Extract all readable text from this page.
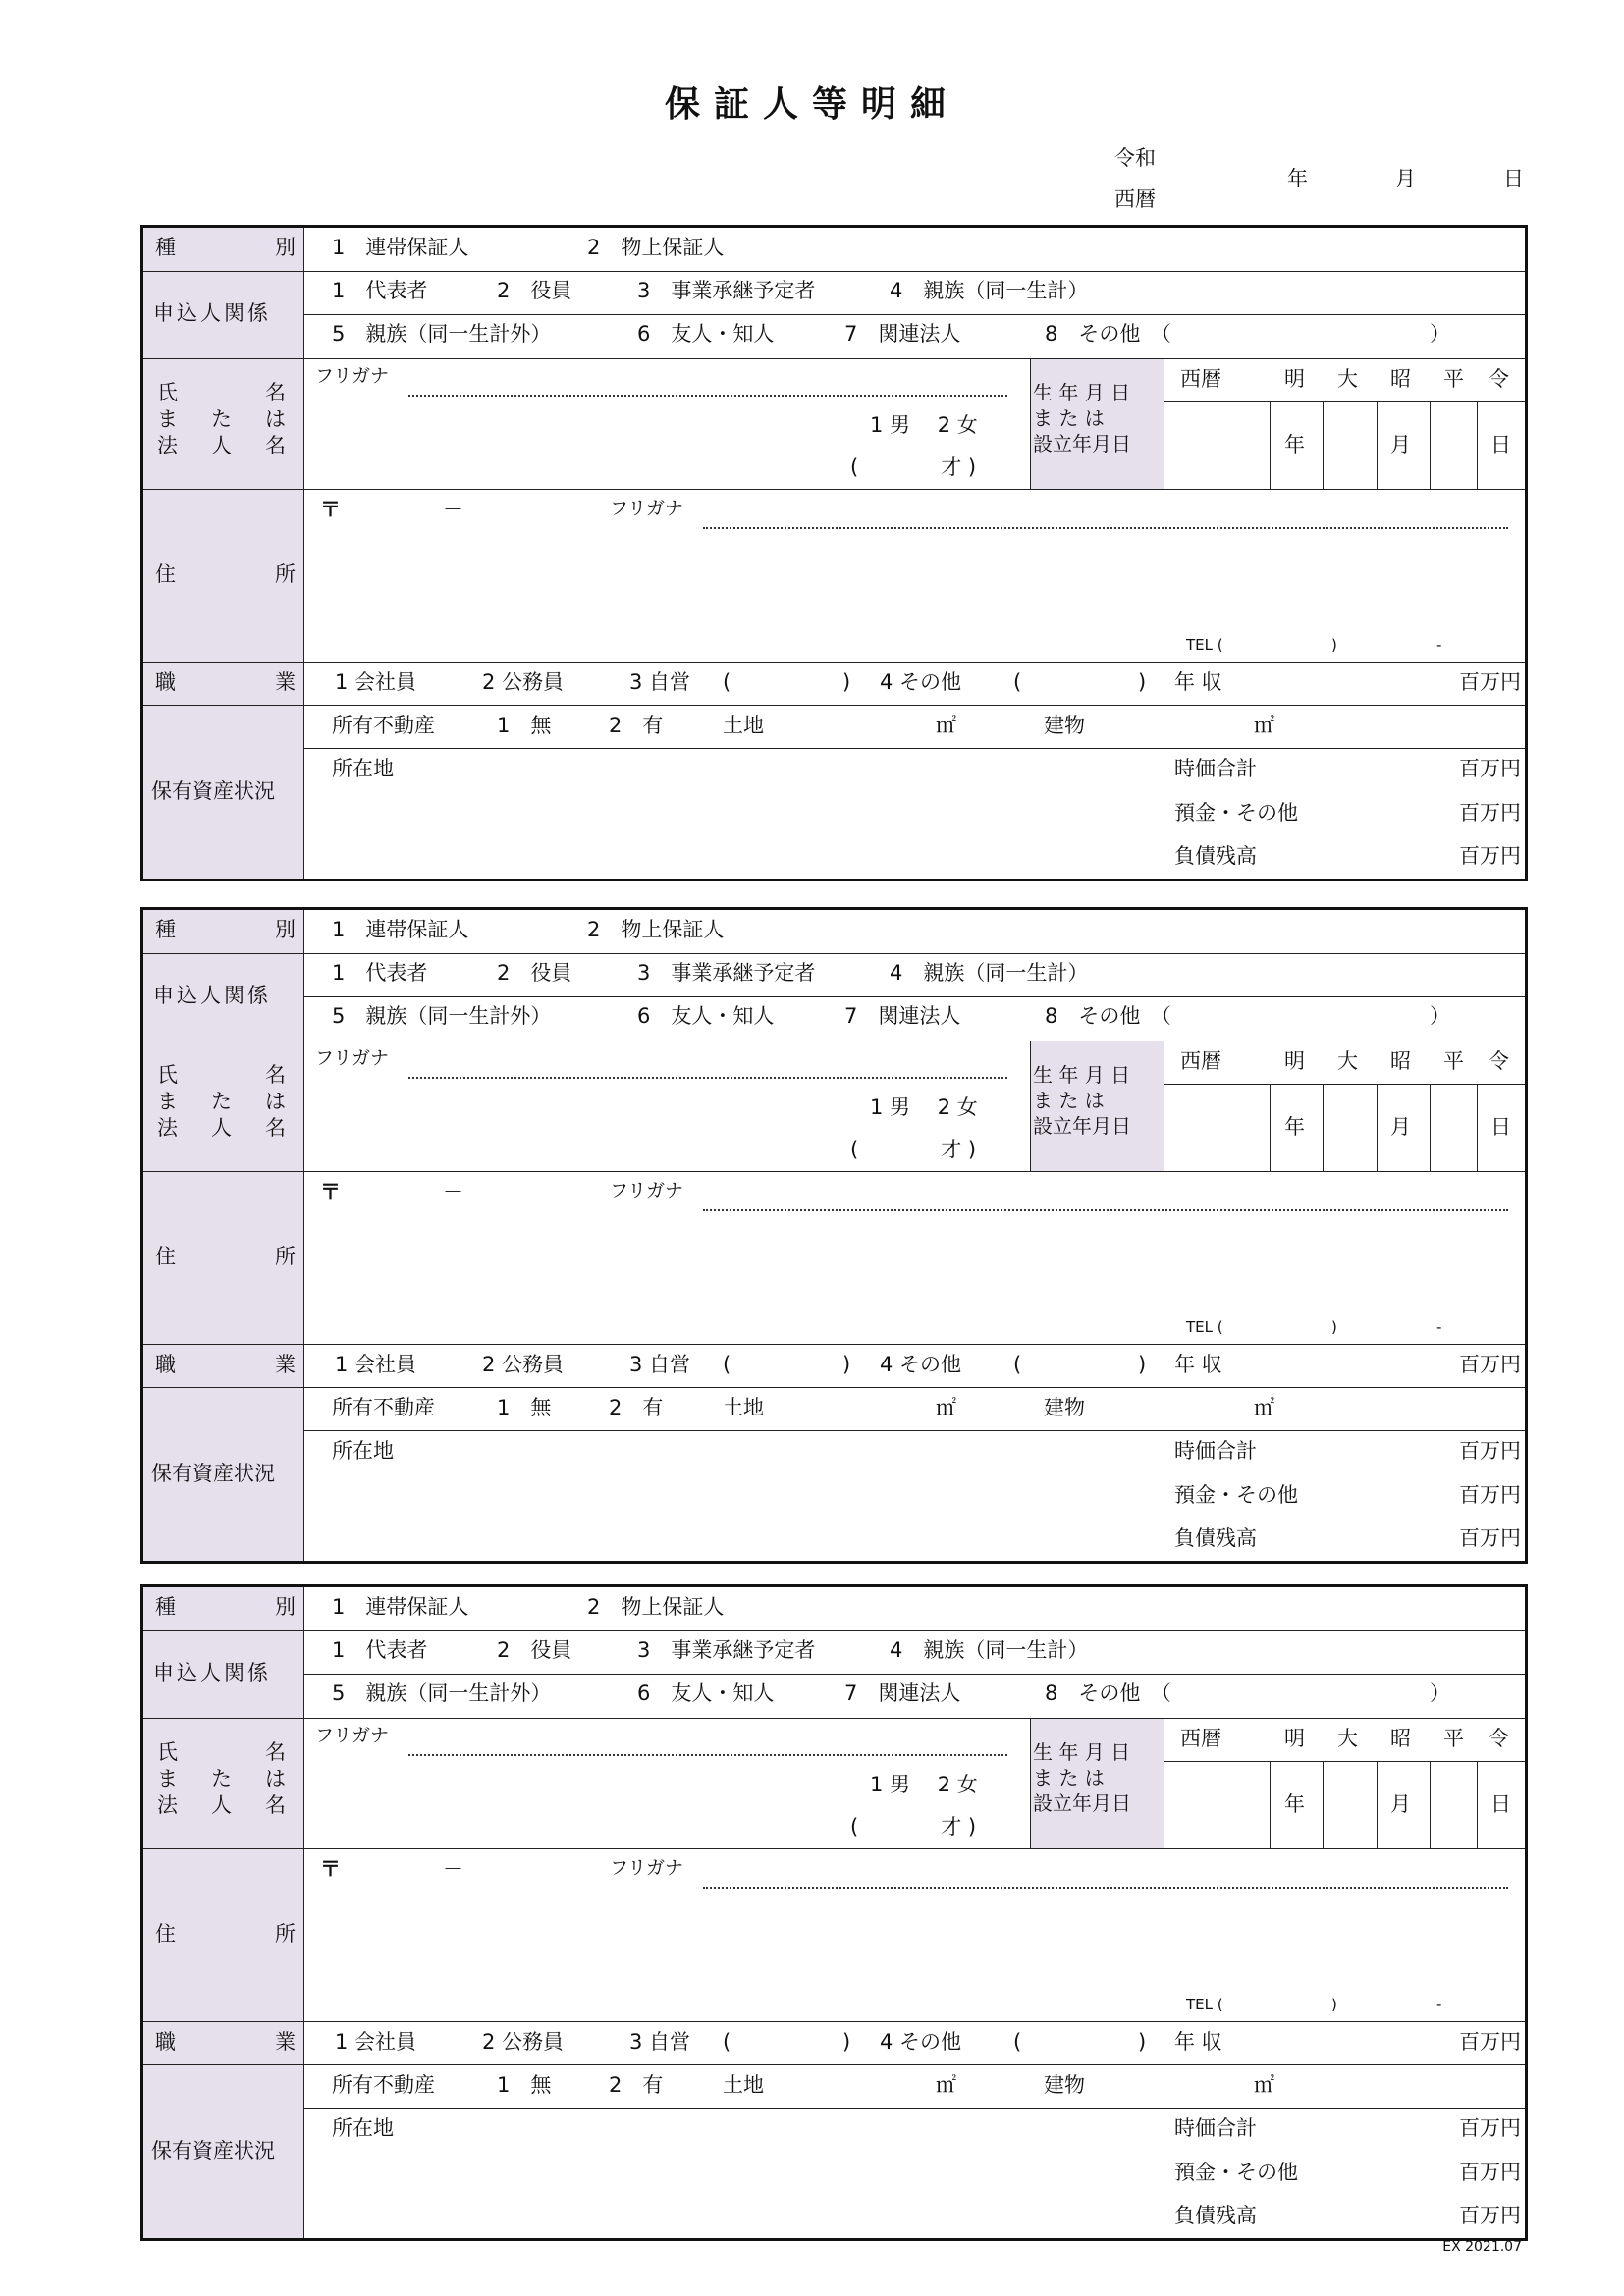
保証人等明細
令和
西暦
年	月	日
種	別 1　連帯保証人	2　物上保証人
申込人関係
1　代表者	2　役員	3　事業承継予定者	4　親族（同一生計）
5　親族（同一生計外）	6　友人・知人	7　関連法人	8　その他　（	）
氏	名
ま た は
法 人 名
フリガナ
1 男　 2 女
(　　　　才 )
生 年 月 日
ま た は
設立年月日
西暦	明 大 昭 平 令
年	月	日
住	所
〒	－	フリガナ
TEL (	)	-
職	業 1 会社員	2 公務員	3 自営 (	) 4 その他	(	) 年 収	百万円
保有資産状況
所有不動産	1　無	2　有	土地	㎡	建物	㎡
所在地	時価合計	百万円
預金・その他	百万円
負債残高	百万円
種	別 1　連帯保証人	2　物上保証人
申込人関係
1　代表者	2　役員	3　事業承継予定者	4　親族（同一生計）
5　親族（同一生計外）	6　友人・知人	7　関連法人	8　その他　（	）
氏	名
ま た は
法 人 名
フリガナ
1 男　 2 女
(　　　　才 )
生 年 月 日
ま た は
設立年月日
西暦	明 大 昭 平 令
年	月	日
住	所
〒	－	フリガナ
TEL (	)	-
職	業 1 会社員	2 公務員	3 自営 (	) 4 その他	(	) 年 収	百万円
保有資産状況
所有不動産	1　無	2　有	土地	㎡	建物	㎡
所在地	時価合計	百万円
預金・その他	百万円
負債残高	百万円
種	別 1　連帯保証人	2　物上保証人
申込人関係
1　代表者	2　役員	3　事業承継予定者	4　親族（同一生計）
5　親族（同一生計外）	6　友人・知人	7　関連法人	8　その他　（	）
氏	名
ま た は
法 人 名
フリガナ
1 男　 2 女
(　　　　才 )
生 年 月 日
ま た は
設立年月日
西暦	明 大 昭 平 令
年	月	日
住	所
〒	－	フリガナ
TEL (	)	-
職	業 1 会社員	2 公務員	3 自営 (	) 4 その他	(	) 年 収	百万円
保有資産状況
所有不動産	1　無	2　有	土地	㎡	建物	㎡
所在地	時価合計	百万円
預金・その他	百万円
負債残高	百万円
EX 2021.07
